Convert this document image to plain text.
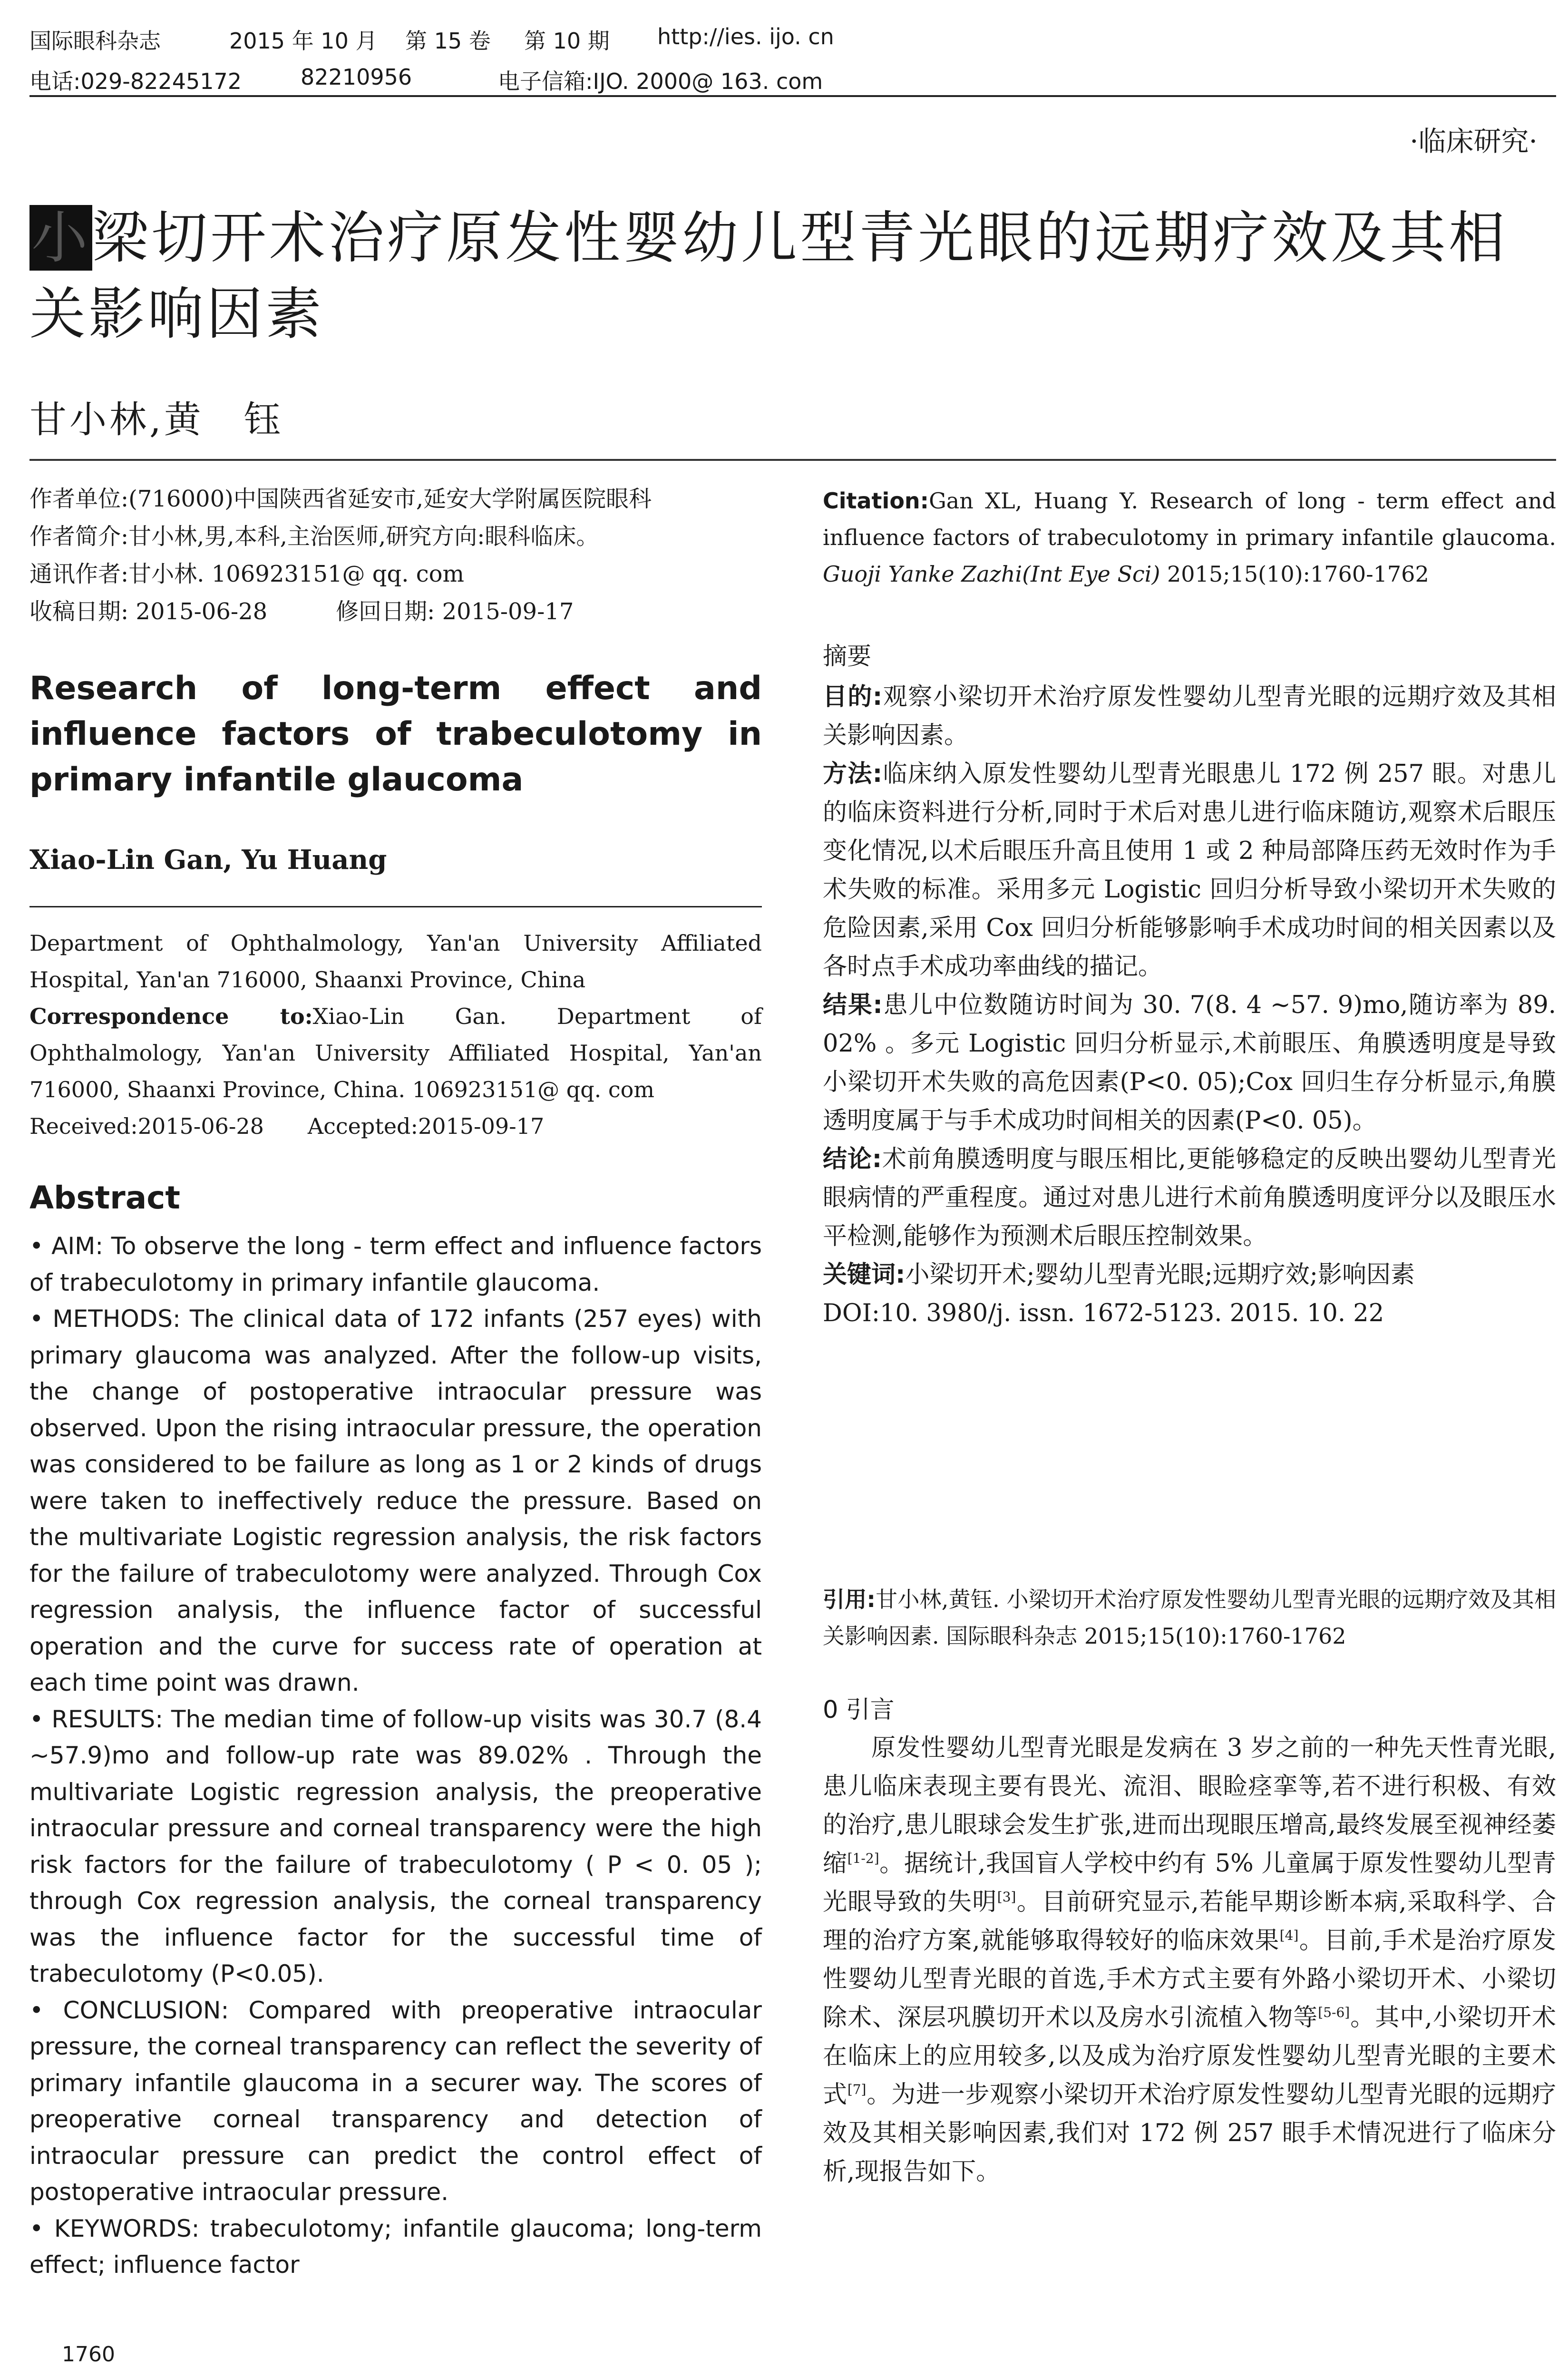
国际眼科杂志	2015 年 10 月 第 15 卷 第 10 期 http://ies. ijo. cn
电话:029-82245172	82210956	电子信箱:IJO. 2000@ 163. com
·临床研究·
小梁切开术治疗原发性婴幼儿型青光眼的远期疗效及其相关影响因素
甘小林,黄　钰

作者单位:(716000)中国陕西省延安市,延安大学附属医院眼科

作者简介:甘小林,男,本科,主治医师,研究方向:眼科临床。

通讯作者:甘小林. 106923151@ qq. com

收稿日期: 2015-06-28　　　修回日期: 2015-09-17

Research of long-term effect and influence factors of trabeculotomy in primary infantile glaucoma
Xiao-Lin Gan, Yu Huang

Department of Ophthalmology, Yan'an University Affiliated Hospital, Yan'an 716000, Shaanxi Province, China

Correspondence to:Xiao-Lin Gan. Department of Ophthalmology, Yan'an University Affiliated Hospital, Yan'an 716000, Shaanxi Province, China. 106923151@ qq. com

Received:2015-06-28　　Accepted:2015-09-17

Abstract

• AIM: To observe the long - term effect and influence factors of trabeculotomy in primary infantile glaucoma.

• METHODS: The clinical data of 172 infants (257 eyes) with primary glaucoma was analyzed. After the follow-up visits, the change of postoperative intraocular pressure was observed. Upon the rising intraocular pressure, the operation was considered to be failure as long as 1 or 2 kinds of drugs were taken to ineffectively reduce the pressure. Based on the multivariate Logistic regression analysis, the risk factors for the failure of trabeculotomy were analyzed. Through Cox regression analysis, the influence factor of successful operation and the curve for success rate of operation at each time point was drawn.

• RESULTS: The median time of follow-up visits was 30.7 (8.4 ~57.9)mo and follow-up rate was 89.02% . Through the multivariate Logistic regression analysis, the preoperative intraocular pressure and corneal transparency were the high risk factors for the failure of trabeculotomy ( P < 0. 05 ); through Cox regression analysis, the corneal transparency was the influence factor for the successful time of trabeculotomy (P<0.05).

• CONCLUSION: Compared with preoperative intraocular pressure, the corneal transparency can reflect the severity of primary infantile glaucoma in a securer way. The scores of preoperative corneal transparency and detection of intraocular pressure can predict the control effect of postoperative intraocular pressure.

• KEYWORDS: trabeculotomy; infantile glaucoma; long-term effect; influence factor

Citation:Gan XL, Huang Y. Research of long - term effect and

influence factors of trabeculotomy in primary infantile glaucoma.

Guoji Yanke Zazhi(Int Eye Sci) 2015;15(10):1760-1762

摘要

目的:观察小梁切开术治疗原发性婴幼儿型青光眼的远期疗效及其相关影响因素。

方法:临床纳入原发性婴幼儿型青光眼患儿 172 例 257 眼。对患儿的临床资料进行分析,同时于术后对患儿进行临床随访,观察术后眼压变化情况,以术后眼压升高且使用 1 或 2 种局部降压药无效时作为手术失败的标准。采用多元 Logistic 回归分析导致小梁切开术失败的危险因素,采用 Cox 回归分析能够影响手术成功时间的相关因素以及各时点手术成功率曲线的描记。

结果:患儿中位数随访时间为 30. 7(8. 4 ~57. 9)mo,随访率为 89. 02% 。多元 Logistic 回归分析显示,术前眼压、角膜透明度是导致小梁切开术失败的高危因素(P<0. 05);Cox 回归生存分析显示,角膜透明度属于与手术成功时间相关的因素(P<0. 05)。

结论:术前角膜透明度与眼压相比,更能够稳定的反映出婴幼儿型青光眼病情的严重程度。通过对患儿进行术前角膜透明度评分以及眼压水平检测,能够作为预测术后眼压控制效果。

关键词:小梁切开术;婴幼儿型青光眼;远期疗效;影响因素

DOI:10. 3980/j. issn. 1672-5123. 2015. 10. 22

引用:甘小林,黄钰. 小梁切开术治疗原发性婴幼儿型青光眼的远期疗效及其相关影响因素. 国际眼科杂志 2015;15(10):1760-1762
0 引言
原发性婴幼儿型青光眼是发病在 3 岁之前的一种先天性青光眼,患儿临床表现主要有畏光、流泪、眼睑痉挛等,若不进行积极、有效的治疗,患儿眼球会发生扩张,进而出现眼压增高,最终发展至视神经萎缩[1-2]。据统计,我国盲人学校中约有 5% 儿童属于原发性婴幼儿型青光眼导致的失明[3]。目前研究显示,若能早期诊断本病,采取科学、合理的治疗方案,就能够取得较好的临床效果[4]。目前,手术是治疗原发性婴幼儿型青光眼的首选,手术方式主要有外路小梁切开术、小梁切除术、深层巩膜切开术以及房水引流植入物等[5-6]。其中,小梁切开术在临床上的应用较多,以及成为治疗原发性婴幼儿型青光眼的主要术式[7]。为进一步观察小梁切开术治疗原发性婴幼儿型青光眼的远期疗效及其相关影响因素,我们对 172 例 257 眼手术情况进行了临床分析,现报告如下。
1760
